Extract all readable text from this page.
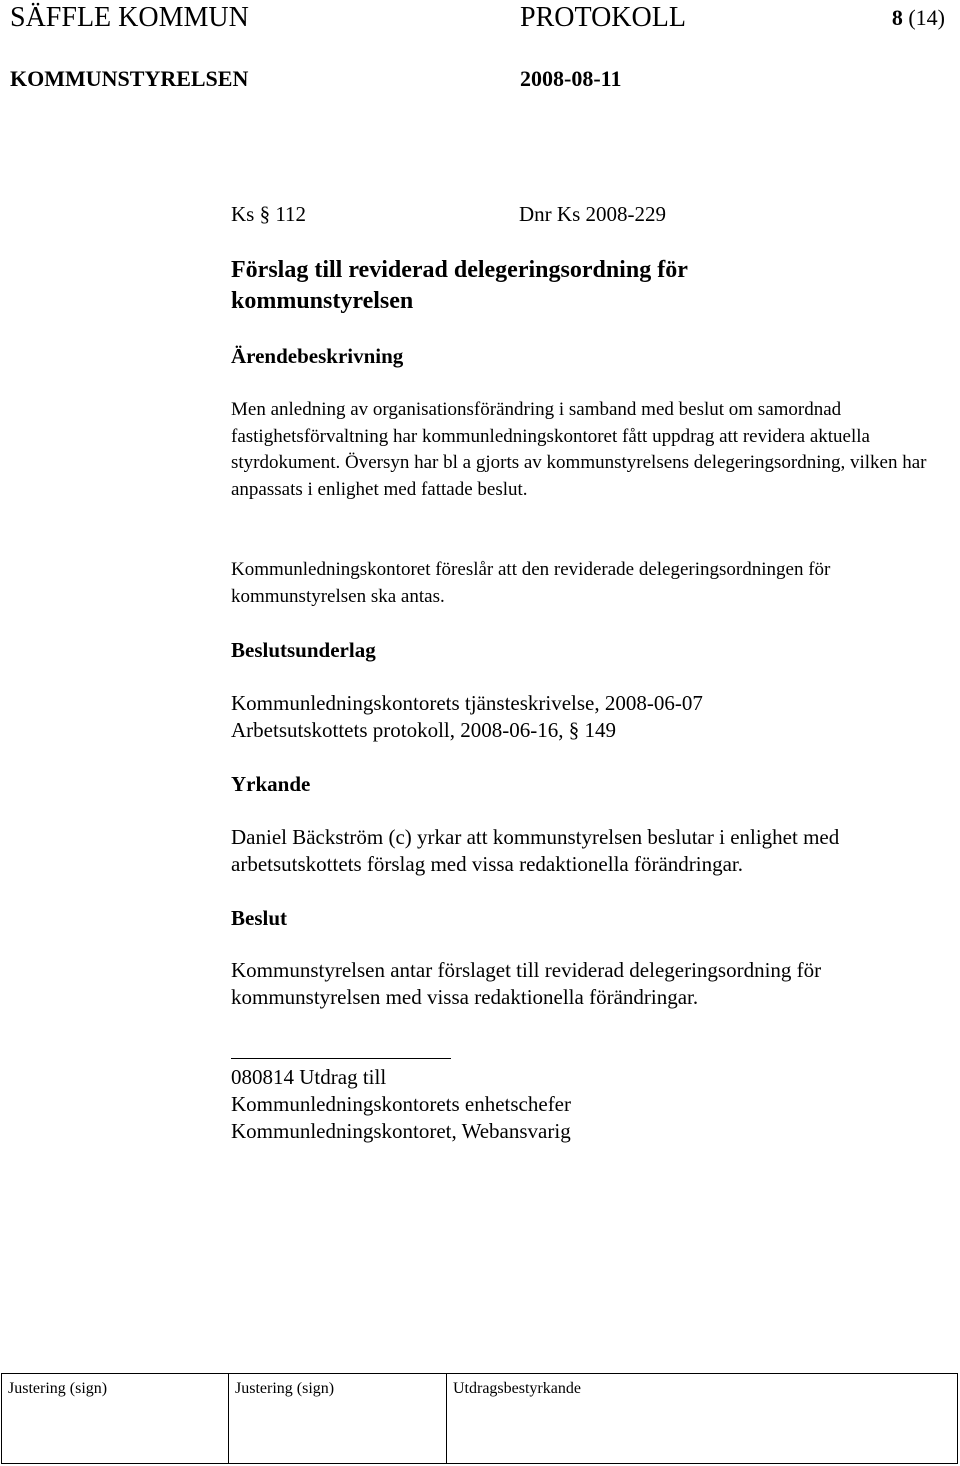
SÄFFLE KOMMUN	PROTOKOLL	8 (14)
KOMMUNSTYRELSEN	2008-08-11
Ks § 112	Dnr Ks 2008-229
Förslag till reviderad delegeringsordning för kommunstyrelsen
Ärendebeskrivning

Men anledning av organisationsförändring i samband med beslut om samordnad fastighetsförvaltning har kommunledningskontoret fått uppdrag att revidera aktuella styrdokument. Översyn har bl a gjorts av kommunstyrelsens delegeringsordning, vilken har anpassats i enlighet med fattade beslut.

Kommunledningskontoret föreslår att den reviderade delegeringsordningen för kommunstyrelsen ska antas.

Beslutsunderlag
Kommunledningskontorets tjänsteskrivelse, 2008-06-07
Arbetsutskottets protokoll, 2008-06-16, § 149
Yrkande

Daniel Bäckström (c) yrkar att kommunstyrelsen beslutar i enlighet med arbetsutskottets förslag med vissa redaktionella förändringar.

Beslut

Kommunstyrelsen antar förslaget till reviderad delegeringsordning för kommunstyrelsen med vissa redaktionella förändringar.

080814 Utdrag till
Kommunledningskontorets enhetschefer
Kommunledningskontoret, Webansvarig
Justering (sign)	Justering (sign)	Utdragsbestyrkande
